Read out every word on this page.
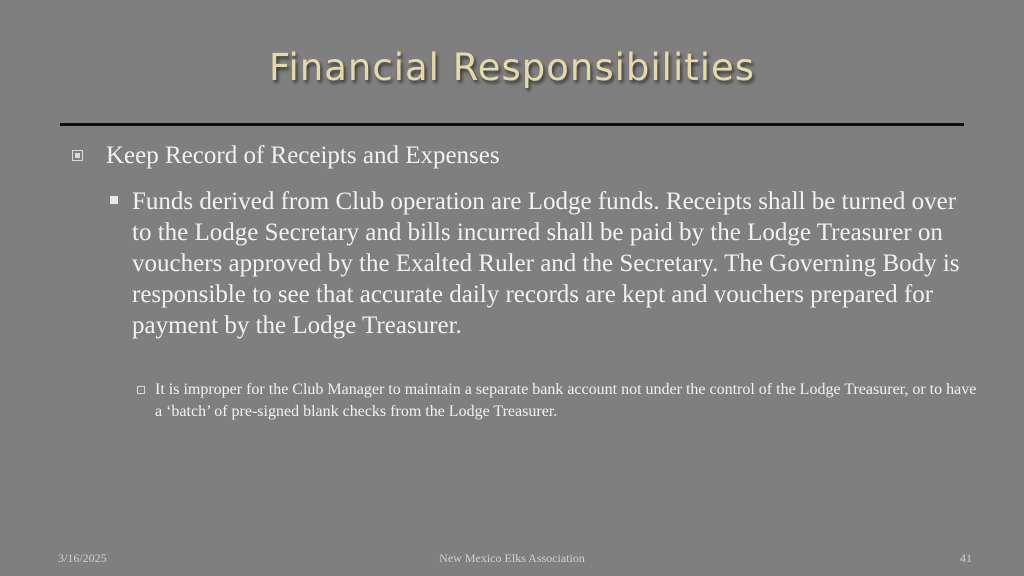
Financial Responsibilities
Keep Record of Receipts and Expenses
Funds derived from Club operation are Lodge funds. Receipts shall be turned over to the Lodge Secretary and bills incurred shall be paid by the Lodge Treasurer on vouchers approved by the Exalted Ruler and the Secretary. The Governing Body is responsible to see that accurate daily records are kept and vouchers prepared for payment by the Lodge Treasurer.
It is improper for the Club Manager to maintain a separate bank account not under the control of the Lodge Treasurer, or to have a ‘batch’ of pre-signed blank checks from the Lodge Treasurer.
3/16/2025	New Mexico Elks Association	41
